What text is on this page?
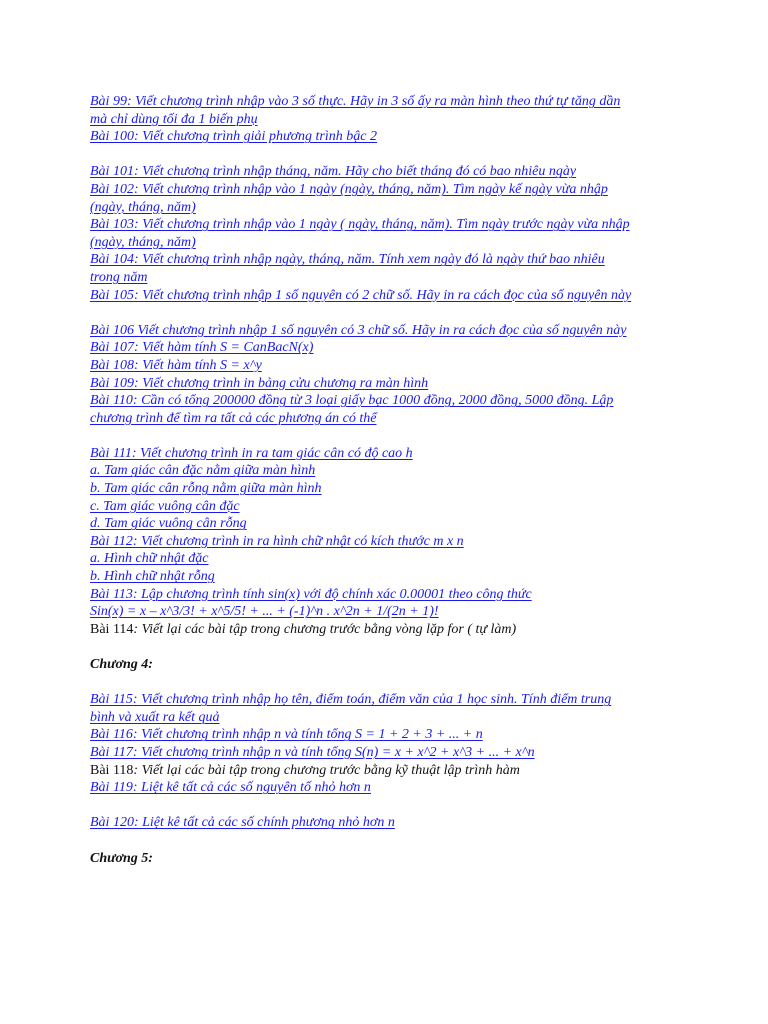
Bài 99: Viết chương trình nhập vào 3 số thực. Hãy in 3 số ấy ra màn hình theo thứ tự tăng dần
mà chỉ dùng tối đa 1 biến phụ
Bài 100: Viết chương trình giải phương trình bậc 2
Bài 101: Viết chương trình nhập tháng, năm. Hãy cho biết tháng đó có bao nhiêu ngày
Bài 102: Viết chương trình nhập vào 1 ngày (ngày, tháng, năm). Tìm ngày kế ngày vừa nhập
(ngày, tháng, năm)
Bài 103: Viết chương trình nhập vào 1 ngày ( ngày, tháng, năm). Tìm ngày trước ngày vừa nhập
(ngày, tháng, năm)
Bài 104: Viết chương trình nhập ngày, tháng, năm. Tính xem ngày đó là ngày thứ bao nhiêu
trong năm
Bài 105: Viết chương trình nhập 1 số nguyên có 2 chữ số. Hãy in ra cách đọc của số nguyên này
Bài 106 Viết chương trình nhập 1 số nguyên có 3 chữ số. Hãy in ra cách đọc của số nguyên này
Bài 107: Viết hàm tính S = CanBacN(x)
Bài 108: Viết hàm tính S = x^y
Bài 109: Viết chương trình in bảng cửu chương ra màn hình
Bài 110: Cần có tổng 200000 đồng từ 3 loại giấy bạc 1000 đồng, 2000 đồng, 5000 đồng. Lập
chương trình để tìm ra tất cả các phương án có thể
Bài 111: Viết chương trình in ra tam giác cân có độ cao h
a. Tam giác cân đặc nằm giữa màn hình
b. Tam giác cân rỗng nằm giữa màn hình
c. Tam giác vuông cân đặc
d. Tam giác vuông cân rỗng
Bài 112: Viết chương trình in ra hình chữ nhật có kích thước m x n
a. Hình chữ nhật đặc
b. Hình chữ nhật rỗng
Bài 113: Lập chương trình tính sin(x) với độ chính xác 0.00001 theo công thức
Sin(x) = x – x^3/3! + x^5/5! + ... + (-1)^n . x^2n + 1/(2n + 1)!
Bài 114: Viết lại các bài tập trong chương trước bằng vòng lặp for ( tự làm)
Chương 4:
Bài 115: Viết chương trình nhập họ tên, điểm toán, điểm văn của 1 học sinh. Tính điểm trung
bình và xuất ra kết quả
Bài 116: Viết chương trình nhập n và tính tổng S = 1 + 2 + 3 + ... + n
Bài 117: Viết chương trình nhập n và tính tổng S(n) = x + x^2 + x^3 + ... + x^n
Bài 118: Viết lại các bài tập trong chương trước bằng kỹ thuật lập trình hàm
Bài 119: Liệt kê tất cả các số nguyên tố nhỏ hơn n
Bài 120: Liệt kê tất cả các số chính phương nhỏ hơn n
Chương 5:
